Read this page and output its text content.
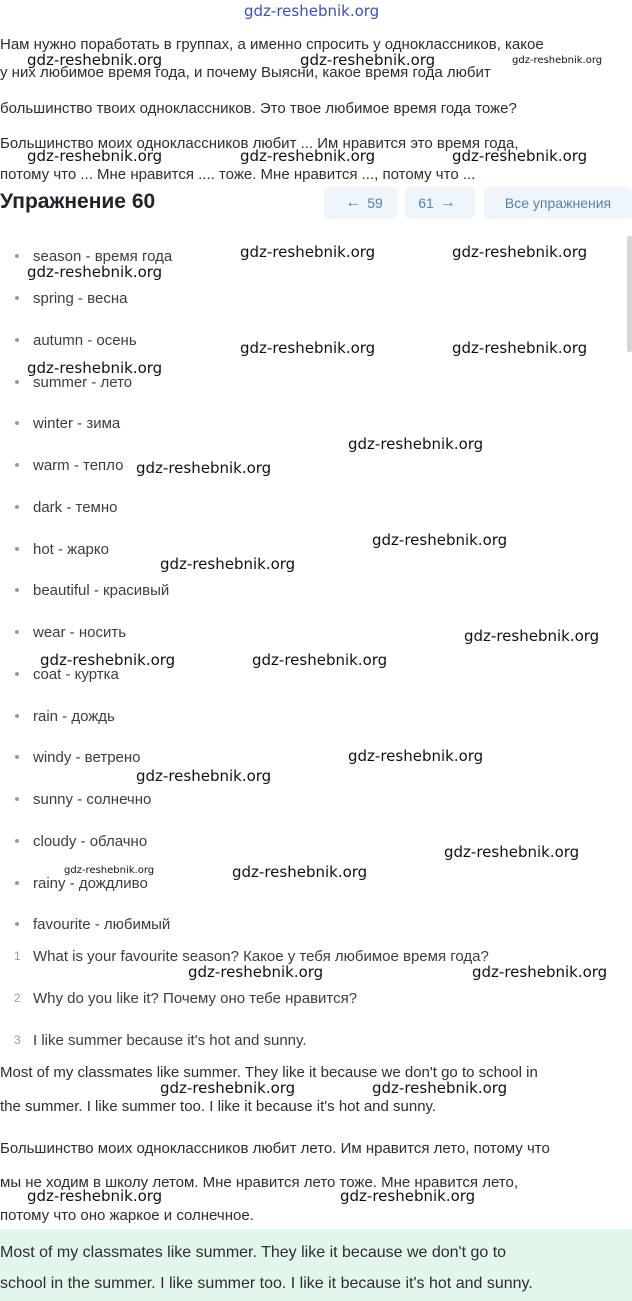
gdz-reshebnik.org
Нам нужно поработать в группах, а именно спросить у одноклассников, какое
у них любимое время года, и почему Выясни, какое время года любит
большинство твоих одноклассников. Это твое любимое время года тоже?
Большинство моих одноклассников любит ... Им нравится это время года,
потому что ... Мне нравится .... тоже. Мне нравится ..., потому что ...
Упражнение 60	← 59	61 →	Все упражнения
season - время года
spring - весна
autumn - осень
summer - лето
winter - зима
warm - тепло
dark - темно
hot - жарко
beautiful - красивый
wear - носить
coat - куртка
rain - дождь
windy - ветрено
sunny - солнечно
cloudy - облачно
rainy - дождливо
favourite - любимый
1 What is your favourite season? Какое у тебя любимое время года?
2 Why do you like it? Почему оно тебе нравится?
3 I like summer because it's hot and sunny.
Most of my classmates like summer. They like it because we don't go to school in
the summer. I like summer too. I like it because it's hot and sunny.
Большинство моих одноклассников любит лето. Им нравится лето, потому что
мы не ходим в школу летом. Мне нравится лето тоже. Мне нравится лето,
потому что оно жаркое и солнечное.
Most of my classmates like summer. They like it because we don't go to
school in the summer. I like summer too. I like it because it's hot and sunny.
gdz-reshebnik.org	gdz-reshebnik.org	gdz-reshebnik.org
gdz-reshebnik.org	gdz-reshebnik.org	gdz-reshebnik.org
gdz-reshebnik.org	gdz-reshebnik.org
gdz-reshebnik.org
gdz-reshebnik.org	gdz-reshebnik.org
gdz-reshebnik.org
gdz-reshebnik.org
gdz-reshebnik.org
gdz-reshebnik.org
gdz-reshebnik.org
gdz-reshebnik.org
gdz-reshebnik.org	gdz-reshebnik.org
gdz-reshebnik.org
gdz-reshebnik.org
gdz-reshebnik.org
gdz-reshebnik.org	gdz-reshebnik.org
gdz-reshebnik.org	gdz-reshebnik.org
gdz-reshebnik.org	gdz-reshebnik.org
gdz-reshebnik.org	gdz-reshebnik.org
